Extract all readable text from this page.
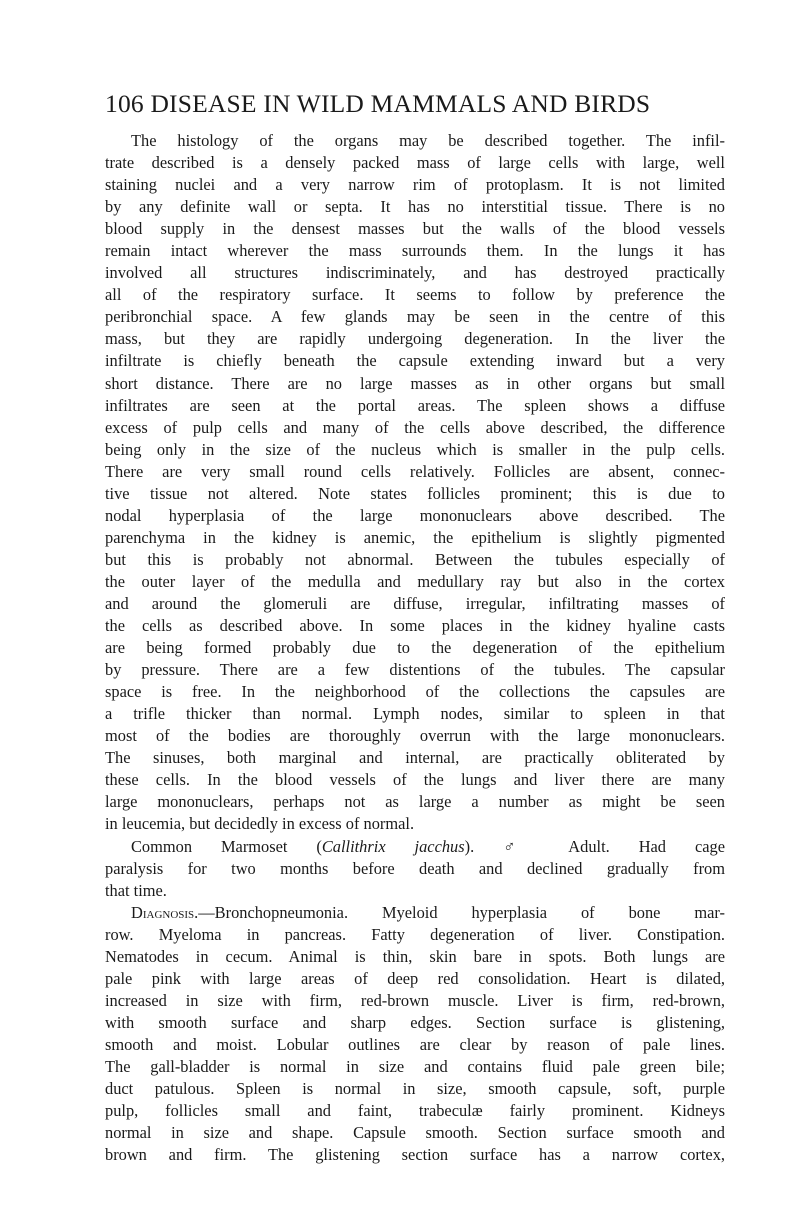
106 DISEASE IN WILD MAMMALS AND BIRDS
The histology of the organs may be described together. The infil-
trate described is a densely packed mass of large cells with large, well
staining nuclei and a very narrow rim of protoplasm. It is not limited
by any definite wall or septa. It has no interstitial tissue. There is no
blood supply in the densest masses but the walls of the blood vessels
remain intact wherever the mass surrounds them. In the lungs it has
involved all structures indiscriminately, and has destroyed practically
all of the respiratory surface. It seems to follow by preference the
peribronchial space. A few glands may be seen in the centre of this
mass, but they are rapidly undergoing degeneration. In the liver the
infiltrate is chiefly beneath the capsule extending inward but a very
short distance. There are no large masses as in other organs but small
infiltrates are seen at the portal areas. The spleen shows a diffuse
excess of pulp cells and many of the cells above described, the difference
being only in the size of the nucleus which is smaller in the pulp cells.
There are very small round cells relatively. Follicles are absent, connec-
tive tissue not altered. Note states follicles prominent; this is due to
nodal hyperplasia of the large mononuclears above described. The
parenchyma in the kidney is anemic, the epithelium is slightly pigmented
but this is probably not abnormal. Between the tubules especially of
the outer layer of the medulla and medullary ray but also in the cortex
and around the glomeruli are diffuse, irregular, infiltrating masses of
the cells as described above. In some places in the kidney hyaline casts
are being formed probably due to the degeneration of the epithelium
by pressure. There are a few distentions of the tubules. The capsular
space is free. In the neighborhood of the collections the capsules are
a trifle thicker than normal. Lymph nodes, similar to spleen in that
most of the bodies are thoroughly overrun with the large mononuclears.
The sinuses, both marginal and internal, are practically obliterated by
these cells. In the blood vessels of the lungs and liver there are many
large mononuclears, perhaps not as large a number as might be seen
in leucemia, but decidedly in excess of normal.
Common Marmoset (Callithrix jacchus). ♂ Adult. Had cage
paralysis for two months before death and declined gradually from
that time.
Diagnosis.—Bronchopneumonia. Myeloid hyperplasia of bone mar-
row. Myeloma in pancreas. Fatty degeneration of liver. Constipation.
Nematodes in cecum. Animal is thin, skin bare in spots. Both lungs are
pale pink with large areas of deep red consolidation. Heart is dilated,
increased in size with firm, red-brown muscle. Liver is firm, red-brown,
with smooth surface and sharp edges. Section surface is glistening,
smooth and moist. Lobular outlines are clear by reason of pale lines.
The gall-bladder is normal in size and contains fluid pale green bile;
duct patulous. Spleen is normal in size, smooth capsule, soft, purple
pulp, follicles small and faint, trabeculæ fairly prominent. Kidneys
normal in size and shape. Capsule smooth. Section surface smooth and
brown and firm. The glistening section surface has a narrow cortex,
